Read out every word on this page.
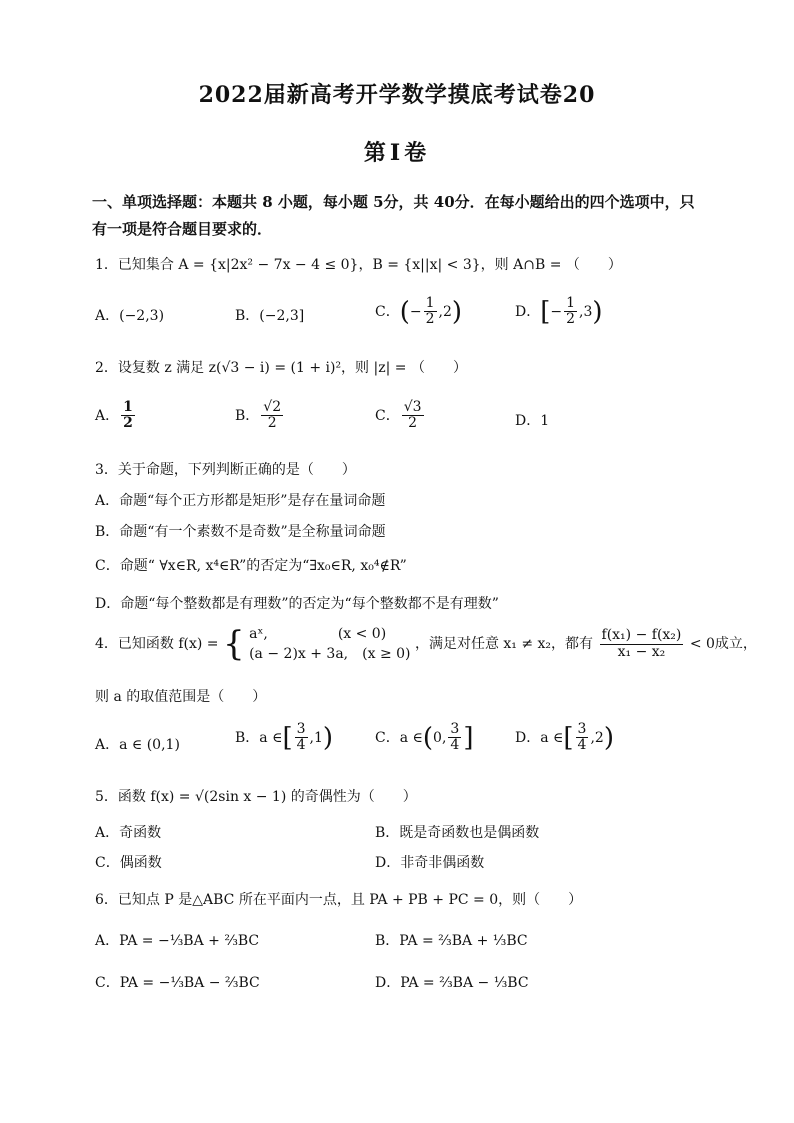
2022届新高考开学数学摸底考试卷20
第Ⅰ卷
一、单项选择题：本题共 8 小题，每小题 5分，共 40分．在每小题给出的四个选项中，只
有一项是符合题目要求的．
1．已知集合 A = {x|2x² − 7x − 4 ≤ 0}，B = {x||x| < 3}，则 A∩B = （　　）
A．(−2,3)	B．(−2,3]	C．(− $\frac{1}{2} ,2$)	D．[− $\frac{1}{2} ,3$)
2．设复数 z 满足 z(√3 − i) = (1 + i)²，则 |z| = （　　）
A． $\frac{1}{2}$	B． $\frac{√2}{2}$	C． $\frac{√3}{2}$	D．1
3．关于命题，下列判断正确的是（　　）
A．命题“每个正方形都是矩形”是存在量词命题
B．命题“有一个素数不是奇数”是全称量词命题
C．命题“ ∀x∈R, x⁴∈R”的否定为“∃x₀∈R, x₀⁴∉R”
D．命题“每个整数都是有理数”的否定为“每个整数都不是有理数”
4．已知函数 f(x) = { aˣ,　　　　　(x < 0)
(a − 2)x + 3a,　(x ≥ 0)
，满足对任意 x₁ ≠ x₂，都有 $\frac{\text{f(x₁) − f(x₂)}}{\text{x₁ − x₂}} < 0$成立，
则 a 的取值范围是（　　）
A．a ∈ (0,1)	B．a ∈[ $\frac{3}{4} ,1$)	C．a ∈(0, $\frac{3}{4}$ ]	D．a ∈[ $\frac{3}{4} ,2$)
5．函数 f(x) = √(2sin x − 1) 的奇偶性为（　　）
A．奇函数	B．既是奇函数也是偶函数
C．偶函数	D．非奇非偶函数
6．已知点 P 是△ABC 所在平面内一点，且 PA + PB + PC = 0，则（　　）
A．PA = −⅓BA + ⅔BC	B．PA = ⅔BA + ⅓BC
C．PA = −⅓BA − ⅔BC	D．PA = ⅔BA − ⅓BC
